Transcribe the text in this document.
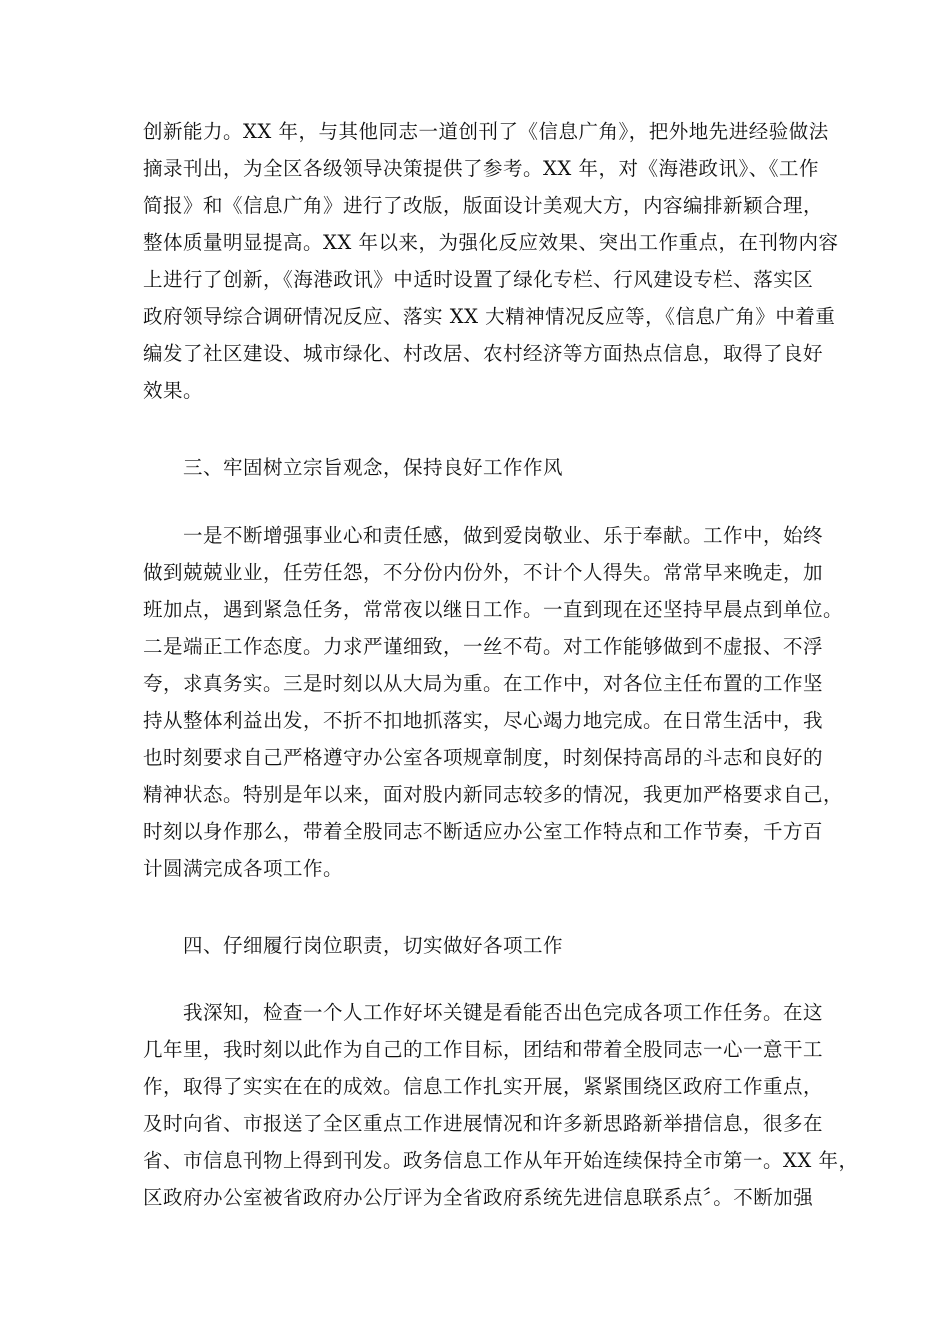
创新能力。XX 年，与其他同志一道创刊了《信息广角》，把外地先进经验做法
摘录刊出，为全区各级领导决策提供了参考。XX 年，对《海港政讯》、《工作
简报》和《信息广角》进行了改版，版面设计美观大方，内容编排新颖合理，
整体质量明显提高。XX 年以来，为强化反应效果、突出工作重点，在刊物内容
上进行了创新，《海港政讯》中适时设置了绿化专栏、行风建设专栏、落实区
政府领导综合调研情况反应、落实 XX 大精神情况反应等，《信息广角》中着重
编发了社区建设、城市绿化、村改居、农村经济等方面热点信息，取得了良好
效果。
　　三、牢固树立宗旨观念，保持良好工作作风
　　一是不断增强事业心和责任感，做到爱岗敬业、乐于奉献。工作中，始终
做到兢兢业业，任劳任怨，不分份内份外，不计个人得失。常常早来晚走，加
班加点，遇到紧急任务，常常夜以继日工作。一直到现在还坚持早晨点到单位。
二是端正工作态度。力求严谨细致，一丝不苟。对工作能够做到不虚报、不浮
夸，求真务实。三是时刻以从大局为重。在工作中，对各位主任布置的工作坚
持从整体利益出发，不折不扣地抓落实，尽心竭力地完成。在日常生活中，我
也时刻要求自己严格遵守办公室各项规章制度，时刻保持高昂的斗志和良好的
精神状态。特别是年以来，面对股内新同志较多的情况，我更加严格要求自己，
时刻以身作那么，带着全股同志不断适应办公室工作特点和工作节奏，千方百
计圆满完成各项工作。
　　四、仔细履行岗位职责，切实做好各项工作
　　我深知，检查一个人工作好坏关键是看能否出色完成各项工作任务。在这
几年里，我时刻以此作为自己的工作目标，团结和带着全股同志一心一意干工
作，取得了实实在在的成效。信息工作扎实开展，紧紧围绕区政府工作重点，
及时向省、市报送了全区重点工作进展情况和许多新思路新举措信息，很多在
省、市信息刊物上得到刊发。政务信息工作从年开始连续保持全市第一。XX 年，
区政府办公室被省政府办公厅评为全省政府系统先进信息联系点〞。不断加强
